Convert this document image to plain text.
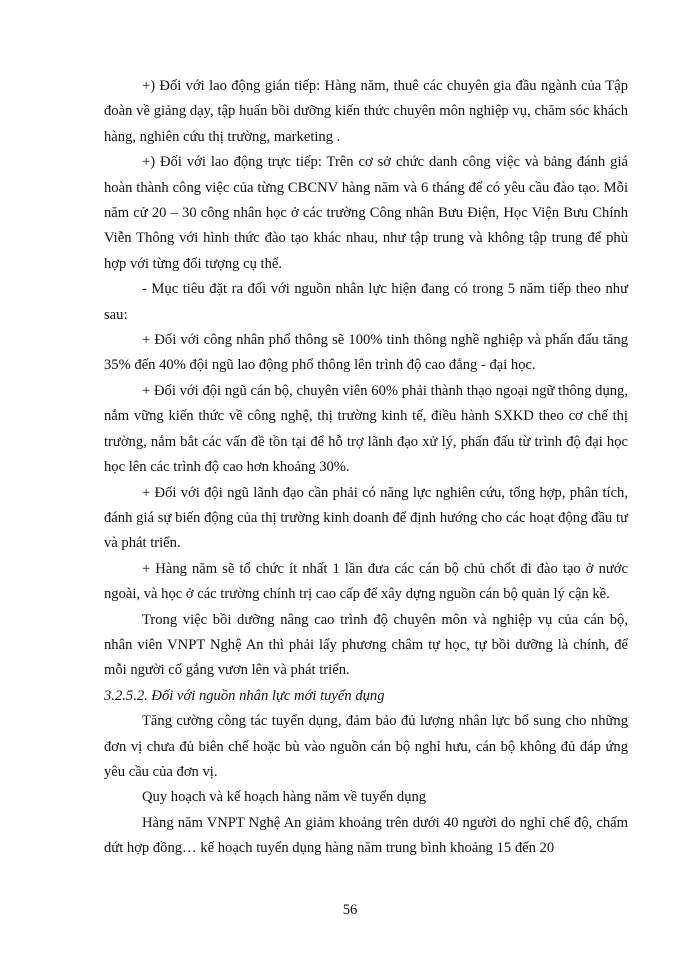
+) Đối với lao động gián tiếp: Hàng năm, thuê các chuyên gia đầu ngành của Tập đoàn về giảng dạy, tập huấn bồi dưỡng kiến thức chuyên môn nghiệp vụ, chăm sóc khách hàng, nghiên cứu thị trường, marketing .

+) Đối với lao động trực tiếp: Trên cơ sở chức danh công việc và bảng đánh giá hoàn thành công việc của từng CBCNV hàng năm và 6 tháng để có yêu cầu đào tạo. Mỗi năm cử 20 – 30 công nhân học ở các trường Công nhân Bưu Điện, Học Viện Bưu Chính Viễn Thông với hình thức đào tạo khác nhau, như tập trung và không tập trung để phù hợp với từng đối tượng cụ thể.

- Mục tiêu đặt ra đối với nguồn nhân lực hiện đang có trong 5 năm tiếp theo như sau:

+ Đối với công nhân phổ thông sẽ 100% tinh thông nghề nghiệp và phấn đấu tăng 35% đến 40% đội ngũ lao động phổ thông lên trình độ cao đẳng - đại học.

+ Đối với đội ngũ cán bộ, chuyên viên 60% phải thành thạo ngoại ngữ thông dụng, nắm vững kiến thức về công nghệ, thị trường kinh tế, điều hành SXKD theo cơ chế thị trường, nắm bắt các vấn đề tồn tại để hỗ trợ lãnh đạo xử lý, phấn đấu từ trình độ đại học học lên các trình độ cao hơn khoảng 30%.

+ Đối với đội ngũ lãnh đạo cần phải có năng lực nghiên cứu, tổng hợp, phân tích, đánh giá sự biến động của thị trường kinh doanh để định hướng cho các hoạt động đầu tư và phát triển.

+ Hàng năm sẽ tổ chức ít nhất 1 lần đưa các cán bộ chủ chốt đi đào tạo ở nước ngoài, và học ở các trường chính trị cao cấp để xây dựng nguồn cán bộ quản lý cận kề.

Trong việc bồi dưỡng nâng cao trình độ chuyên môn và nghiệp vụ của cán bộ, nhân viên VNPT Nghệ An thì phải lấy phương châm tự học, tự bồi dưỡng là chính, để mỗi người cố gắng vươn lên và phát triển.

3.2.5.2. Đối với nguồn nhân lực mới tuyển dụng

Tăng cường công tác tuyển dụng, đảm bảo đủ lượng nhân lực bổ sung cho những đơn vị chưa đủ biên chế hoặc bù vào nguồn cán bộ nghỉ hưu, cán bộ không đủ đáp ứng yêu cầu của đơn vị.

Quy hoạch và kế hoạch hàng năm về tuyển dụng

Hàng năm VNPT Nghệ An giảm khoảng trên dưới 40 người do nghỉ chế độ, chấm dứt hợp đồng… kế hoạch tuyển dụng hàng năm trung bình khoảng 15 đến 20

56
